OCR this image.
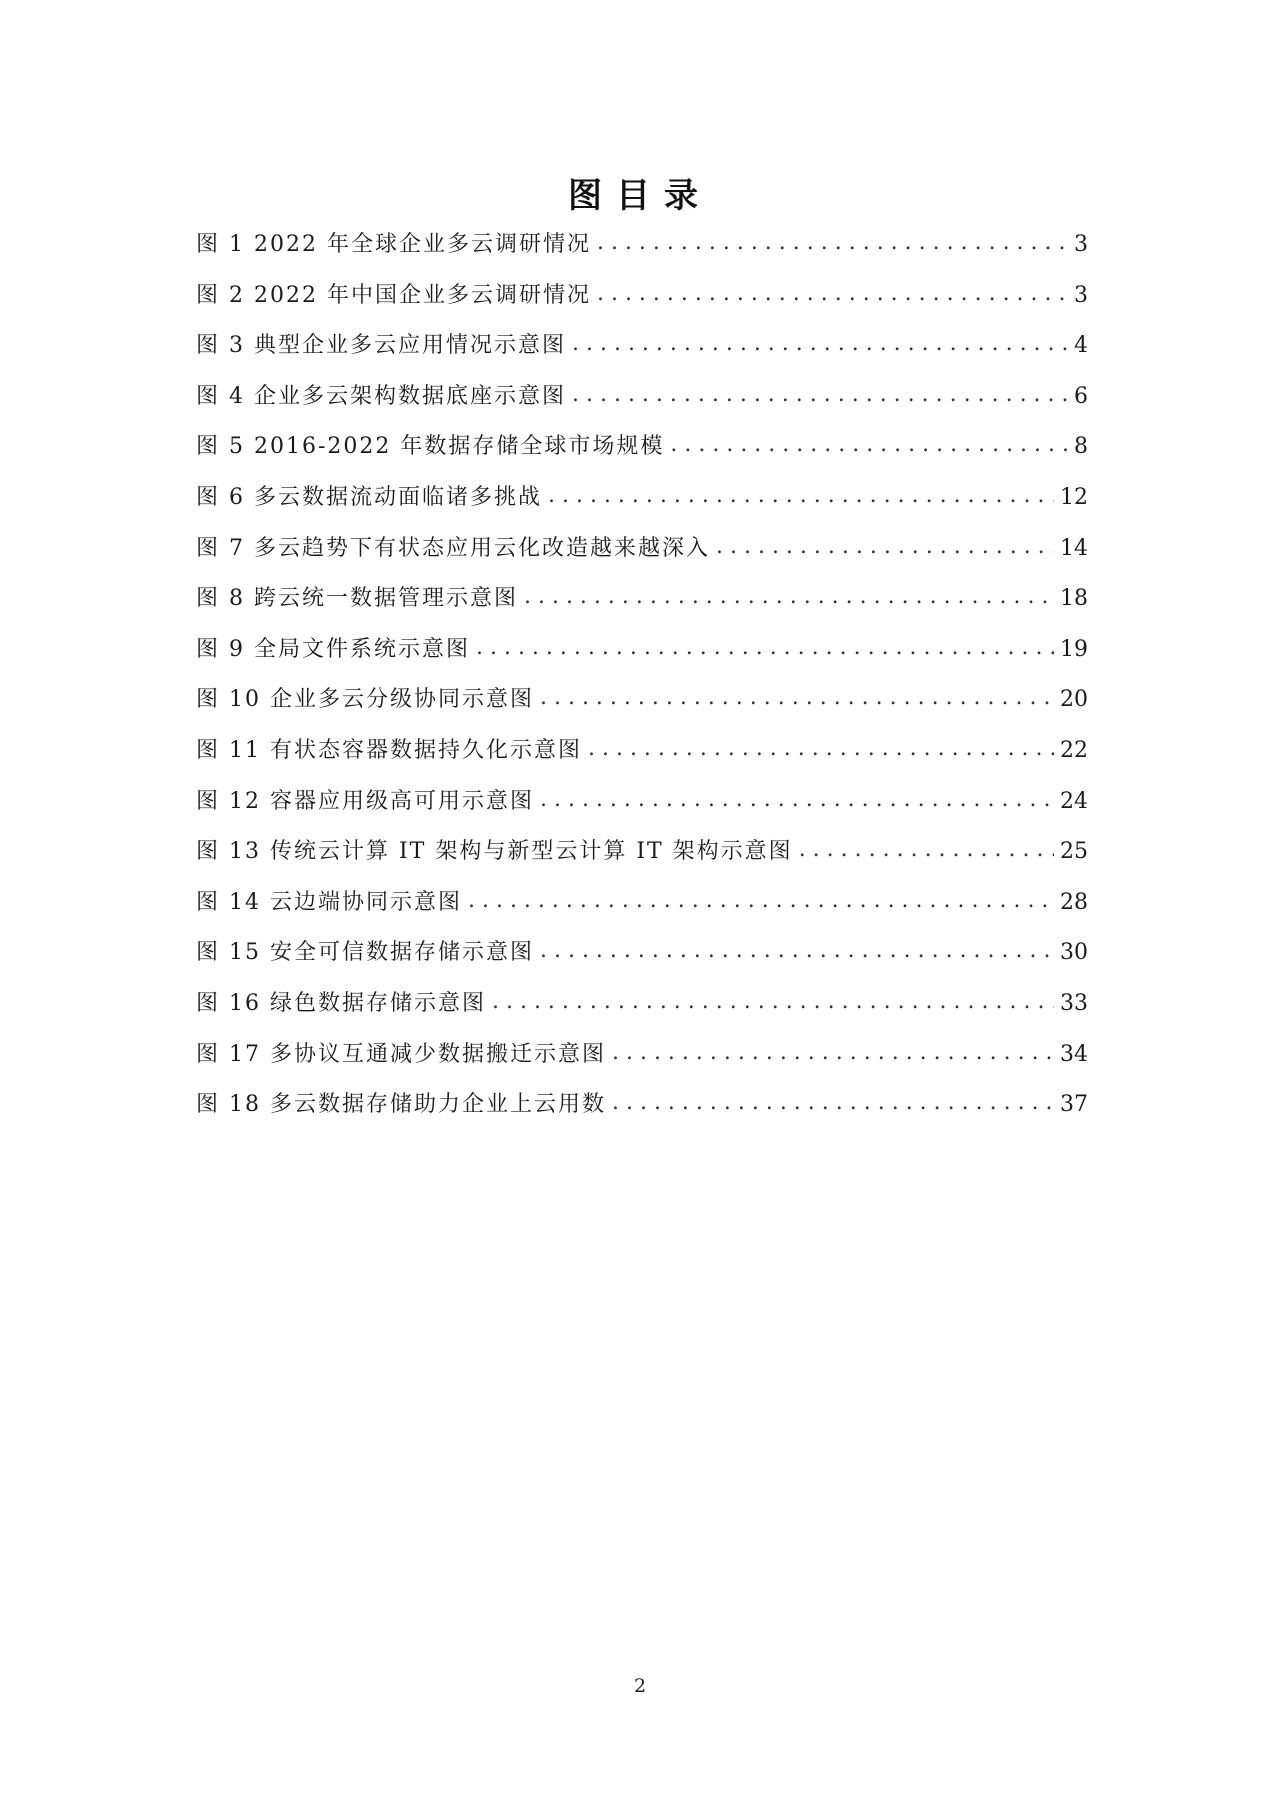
图目录
图 1 2022 年全球企业多云调研情况 . . .	3
图 2 2022 年中国企业多云调研情况 . . .	3
图 3 典型企业多云应用情况示意图 . . .	4
图 4 企业多云架构数据底座示意图 . . .	6
图 5 2016-2022 年数据存储全球市场规模 . . .	8
图 6 多云数据流动面临诸多挑战 . . .	12
图 7 多云趋势下有状态应用云化改造越来越深入 . . .	14
图 8 跨云统一数据管理示意图 . . .	18
图 9 全局文件系统示意图 . . .	19
图 10 企业多云分级协同示意图 . . .	20
图 11 有状态容器数据持久化示意图 . . .	22
图 12 容器应用级高可用示意图 . . .	24
图 13 传统云计算 IT 架构与新型云计算 IT 架构示意图 . . .	25
图 14 云边端协同示意图 . . .	28
图 15 安全可信数据存储示意图 . . .	30
图 16 绿色数据存储示意图 . . .	33
图 17 多协议互通减少数据搬迁示意图 . . .	34
图 18 多云数据存储助力企业上云用数 . . .	37
2
